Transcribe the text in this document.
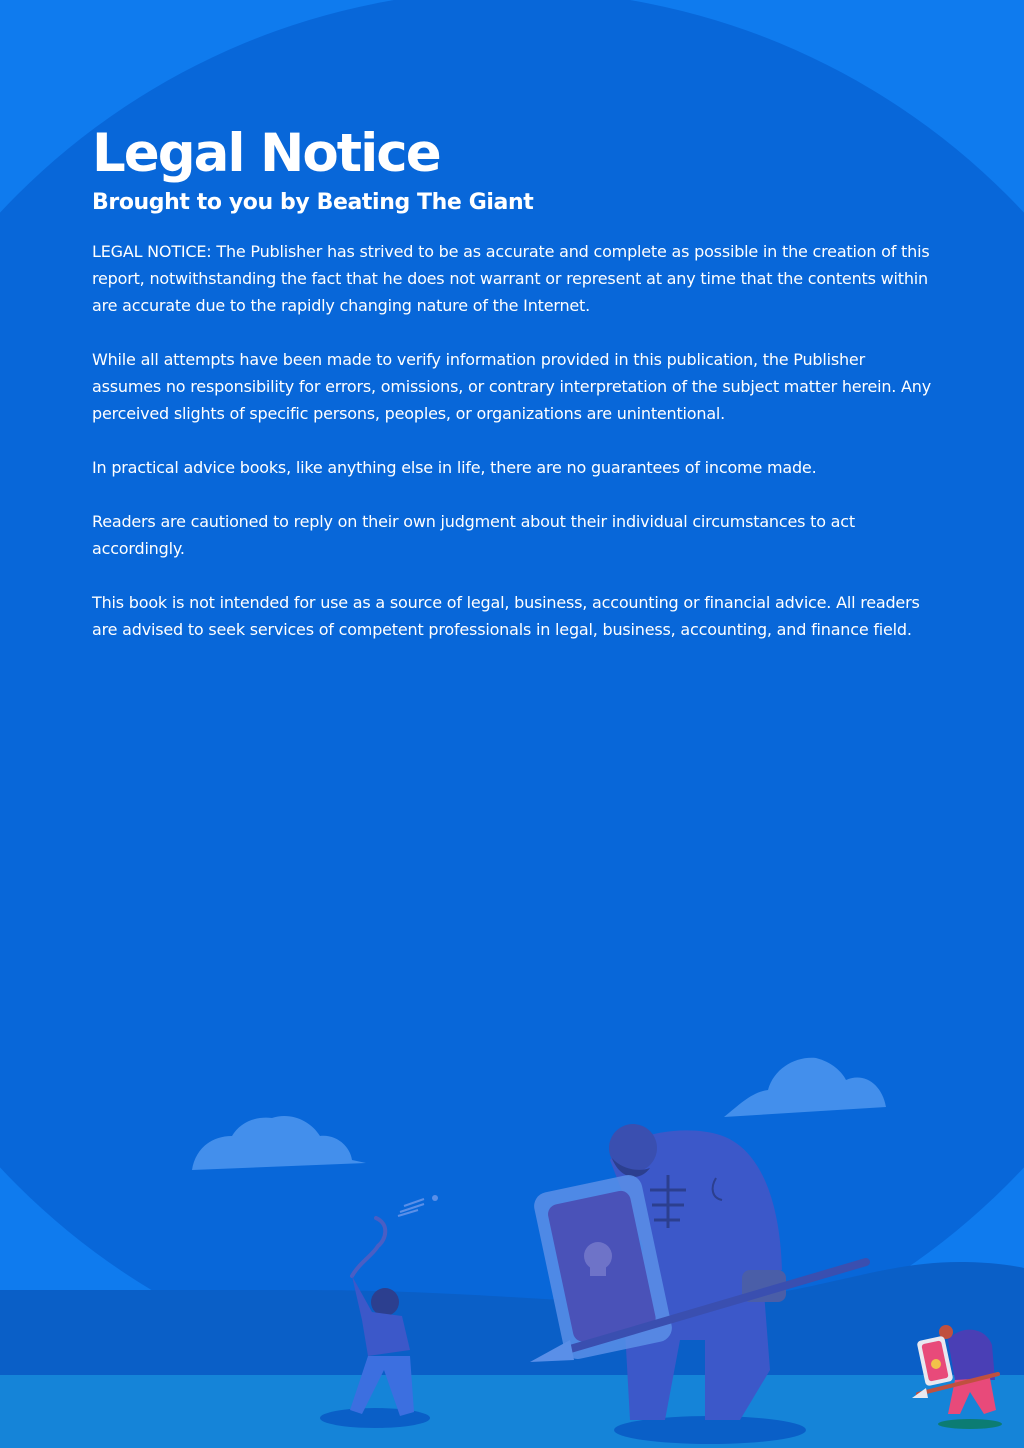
Legal Notice
Brought to you by Beating The Giant

LEGAL NOTICE: The Publisher has strived to be as accurate and complete as possible in the creation of this report, notwithstanding the fact that he does not warrant or represent at any time that the contents within are accurate due to the rapidly changing nature of the Internet.

While all attempts have been made to verify information provided in this publication, the Publisher assumes no responsibility for errors, omissions, or contrary interpretation of the subject matter herein. Any perceived slights of specific persons, peoples, or organizations are unintentional.

In practical advice books, like anything else in life, there are no guarantees of income made.

Readers are cautioned to reply on their own judgment about their individual circumstances to act accordingly.

This book is not intended for use as a source of legal, business, accounting or financial advice. All readers are advised to seek services of competent professionals in legal, business, accounting, and finance field.
